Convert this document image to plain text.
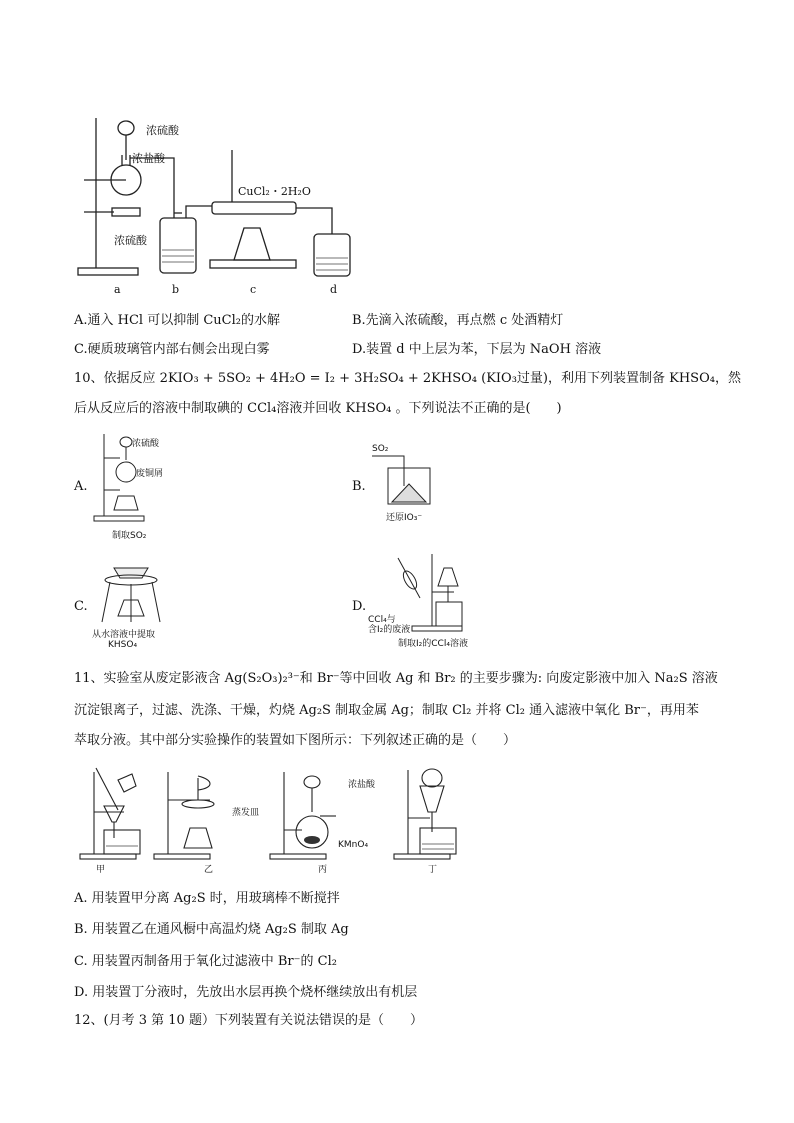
浓硫酸
浓盐酸
浓硫酸
CuCl₂・2H₂O
a	b	c	d
A.通入 HCl 可以抑制 CuCl₂的水解	B.先滴入浓硫酸，再点燃 c 处酒精灯
C.硬质玻璃管内部右侧会出现白雾	D.装置 d 中上层为苯，下层为 NaOH 溶液
10、依据反应 2KIO₃ + 5SO₂ + 4H₂O = I₂ + 3H₂SO₄ + 2KHSO₄ (KIO₃过量)，利用下列装置制备 KHSO₄，然
后从反应后的溶液中制取碘的 CCl₄溶液并回收 KHSO₄ 。下列说法不正确的是(　　)
A.
浓硫酸
废铜屑
制取SO₂
B.
SO₂
还原IO₃⁻
C.
从水溶液中提取
KHSO₄
D.
CCl₄与
含I₂的废液
制取I₂的CCl₄溶液
11、实验室从废定影液含 Ag(S₂O₃)₂³⁻和 Br⁻等中回收 Ag 和 Br₂ 的主要步骤为: 向废定影液中加入 Na₂S 溶液
沉淀银离子，过滤、洗涤、干燥，灼烧 Ag₂S 制取金属 Ag；制取 Cl₂ 并将 Cl₂ 通入滤液中氧化 Br⁻，再用苯
萃取分液。其中部分实验操作的装置如下图所示：下列叙述正确的是（　　）
蒸发皿
浓盐酸
KMnO₄
甲	乙	丙	丁
A. 用装置甲分离 Ag₂S 时，用玻璃棒不断搅拌
B. 用装置乙在通风橱中高温灼烧 Ag₂S 制取 Ag
C. 用装置丙制备用于氧化过滤液中 Br⁻的 Cl₂
D. 用装置丁分液时，先放出水层再换个烧杯继续放出有机层
12、(月考 3 第 10 题）下列装置有关说法错误的是（　　）
